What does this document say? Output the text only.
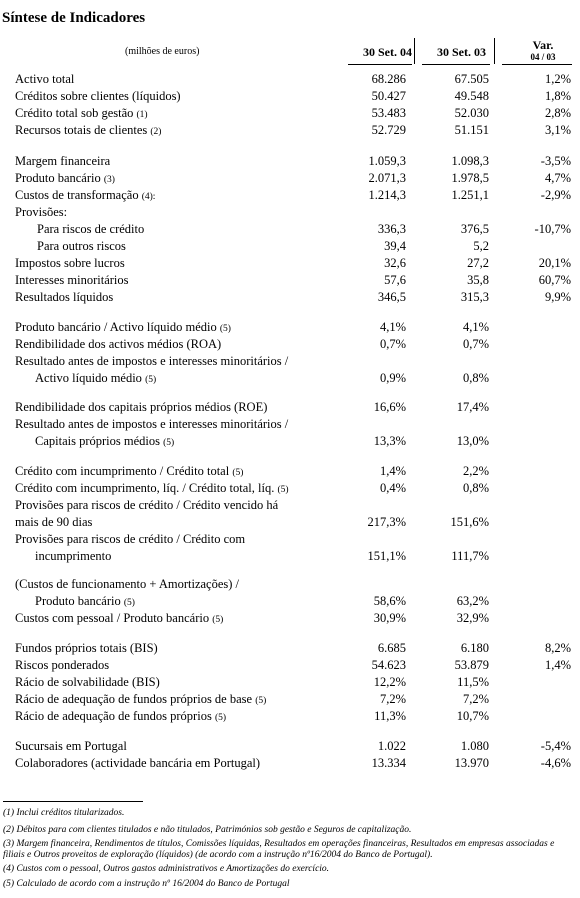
Síntese de Indicadores
(milhões de euros)	30 Set. 04	30 Set. 03	Var.
04 / 03
Activo total	68.286	67.505	1,2%
Créditos sobre clientes (líquidos)	50.427	49.548	1,8%
Crédito total sob gestão (1)	53.483	52.030	2,8%
Recursos totais de clientes (2)	52.729	51.151	3,1%
Margem financeira	1.059,3	1.098,3	-3,5%
Produto bancário (3)	2.071,3	1.978,5	4,7%
Custos de transformação (4):	1.214,3	1.251,1	-2,9%
Provisões:
Para riscos de crédito	336,3	376,5	-10,7%
Para outros riscos	39,4	5,2
Impostos sobre lucros	32,6	27,2	20,1%
Interesses minoritários	57,6	35,8	60,7%
Resultados líquidos	346,5	315,3	9,9%
Produto bancário / Activo líquido médio (5)	4,1%	4,1%
Rendibilidade dos activos médios (ROA)	0,7%	0,7%
Resultado antes de impostos e interesses minoritários /
Activo líquido médio (5)	0,9%	0,8%
Rendibilidade dos capitais próprios médios (ROE)	16,6%	17,4%
Resultado antes de impostos e interesses minoritários /
Capitais próprios médios (5)	13,3%	13,0%
Crédito com incumprimento / Crédito total (5)	1,4%	2,2%
Crédito com incumprimento, líq. / Crédito total, líq. (5)	0,4%	0,8%
Provisões para riscos de crédito / Crédito vencido há
mais de 90 dias	217,3%	151,6%
Provisões para riscos de crédito / Crédito com
incumprimento	151,1%	111,7%
(Custos de funcionamento + Amortizações) /
Produto bancário (5)	58,6%	63,2%
Custos com pessoal / Produto bancário (5)	30,9%	32,9%
Fundos próprios totais (BIS)	6.685	6.180	8,2%
Riscos ponderados	54.623	53.879	1,4%
Rácio de solvabilidade (BIS)	12,2%	11,5%
Rácio de adequação de fundos próprios de base (5)	7,2%	7,2%
Rácio de adequação de fundos próprios (5)	11,3%	10,7%
Sucursais em Portugal	1.022	1.080	-5,4%
Colaboradores (actividade bancária em Portugal)	13.334	13.970	-4,6%
(1) Inclui créditos titularizados.
(2) Débitos para com clientes titulados e não titulados, Patrimónios sob gestão e Seguros de capitalização.
(3) Margem financeira, Rendimentos de títulos, Comissões líquidas, Resultados em operações financeiras, Resultados em empresas associadas e filiais e Outros proveitos de exploração (líquidos) (de acordo com a instrução nº16/2004 do Banco de Portugal).
(4) Custos com o pessoal, Outros gastos administrativos e Amortizações do exercício.
(5) Calculado de acordo com a instrução nº 16/2004 do Banco de Portugal
